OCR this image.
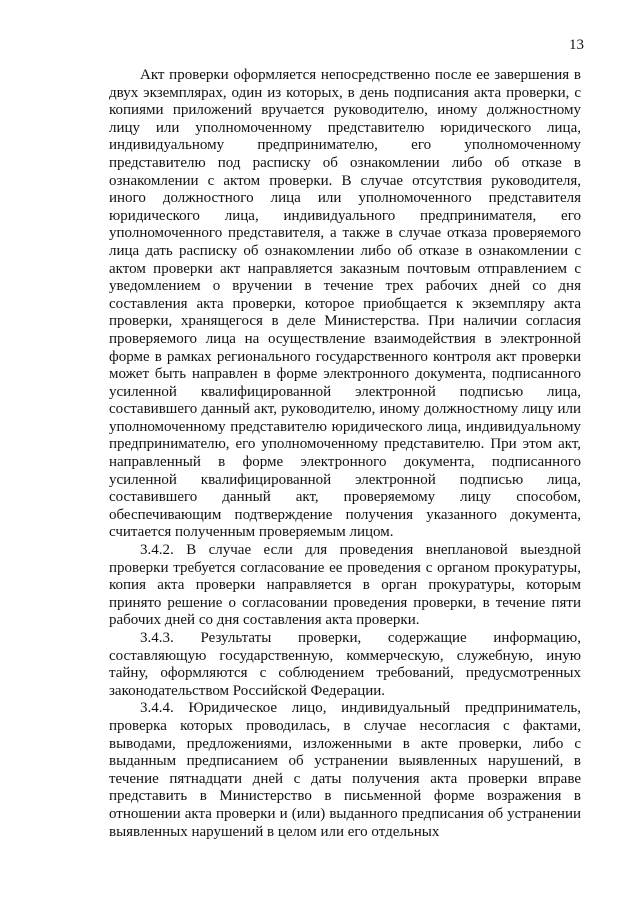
13

Акт проверки оформляется непосредственно после ее завершения в двух экземплярах, один из которых, в день подписания акта проверки, с копиями приложений вручается руководителю, иному должностному лицу или уполномоченному представителю юридического лица, индивидуальному предпринимателю, его уполномоченному представителю под расписку об ознакомлении либо об отказе в ознакомлении с актом проверки. В случае отсутствия руководителя, иного должностного лица или уполномоченного представителя юридического лица, индивидуального предпринимателя, его уполномоченного представителя, а также в случае отказа проверяемого лица дать расписку об ознакомлении либо об отказе в ознакомлении с актом проверки акт направляется заказным почтовым отправлением с уведомлением о вручении в течение трех рабочих дней со дня составления акта проверки, которое приобщается к экземпляру акта проверки, хранящегося в деле Министерства. При наличии согласия проверяемого лица на осуществление взаимодействия в электронной форме в рамках регионального государственного контроля акт проверки может быть направлен в форме электронного документа, подписанного усиленной квалифицированной электронной подписью лица, составившего данный акт, руководителю, иному должностному лицу или уполномоченному представителю юридического лица, индивидуальному предпринимателю, его уполномоченному представителю. При этом акт, направленный в форме электронного документа, подписанного усиленной квалифицированной электронной подписью лица, составившего данный акт, проверяемому лицу способом, обеспечивающим подтверждение получения указанного документа, считается полученным проверяемым лицом.

3.4.2. В случае если для проведения внеплановой выездной проверки требуется согласование ее проведения с органом прокуратуры, копия акта проверки направляется в орган прокуратуры, которым принято решение о согласовании проведения проверки, в течение пяти рабочих дней со дня составления акта проверки.

3.4.3. Результаты проверки, содержащие информацию, составляющую государственную, коммерческую, служебную, иную тайну, оформляются с соблюдением требований, предусмотренных законодательством Российской Федерации.

3.4.4. Юридическое лицо, индивидуальный предприниматель, проверка которых проводилась, в случае несогласия с фактами, выводами, предложениями, изложенными в акте проверки, либо с выданным предписанием об устранении выявленных нарушений, в течение пятнадцати дней с даты получения акта проверки вправе представить в Министерство в письменной форме возражения в отношении акта проверки и (или) выданного предписания об устранении выявленных нарушений в целом или его отдельных
